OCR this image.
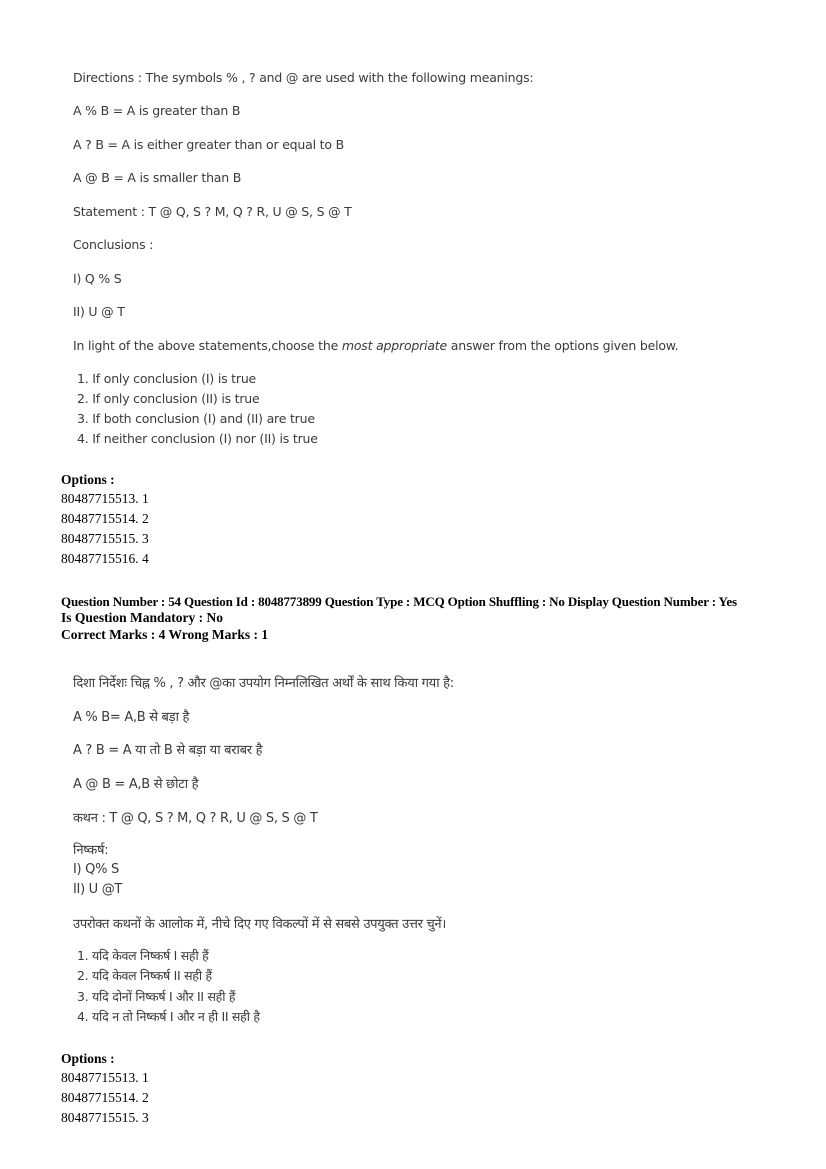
Directions : The symbols % , ? and @ are used with the following meanings:
A % B = A is greater than B
A ? B = A is either greater than or equal to B
A @ B = A is smaller than B
Statement : T @ Q, S ? M, Q ? R, U @ S, S @ T
Conclusions :
I) Q % S
II) U @ T
In light of the above statements,choose the most appropriate answer from the options given below.
1. If only conclusion (I) is true
2. If only conclusion (II) is true
3. If both conclusion (I) and (II) are true
4. If neither conclusion (I) nor (II) is true
Options :
80487715513. 1
80487715514. 2
80487715515. 3
80487715516. 4
Question Number : 54 Question Id : 8048773899 Question Type : MCQ Option Shuffling : No Display Question Number : Yes
Is Question Mandatory : No
Correct Marks : 4 Wrong Marks : 1
दिशा निर्देशः चिह्न % , ? और @का उपयोग निम्नलिखित अर्थों के साथ किया गया है:
A % B= A,B से बड़ा है
A ? B = A या तो B से बड़ा या बराबर है
A @ B = A,B से छोटा है
कथन : T @ Q, S ? M, Q ? R, U @ S, S @ T
निष्कर्ष:
I) Q% S
II) U @T
उपरोक्त कथनों के आलोक में, नीचे दिए गए विकल्पों में से सबसे उपयुक्त उत्तर चुनें।
1. यदि केवल निष्कर्ष I सही हैं
2. यदि केवल निष्कर्ष II सही हैं
3. यदि दोनों निष्कर्ष I और II सही हैं
4. यदि न तो निष्कर्ष I और न ही II सही है
Options :
80487715513. 1
80487715514. 2
80487715515. 3
